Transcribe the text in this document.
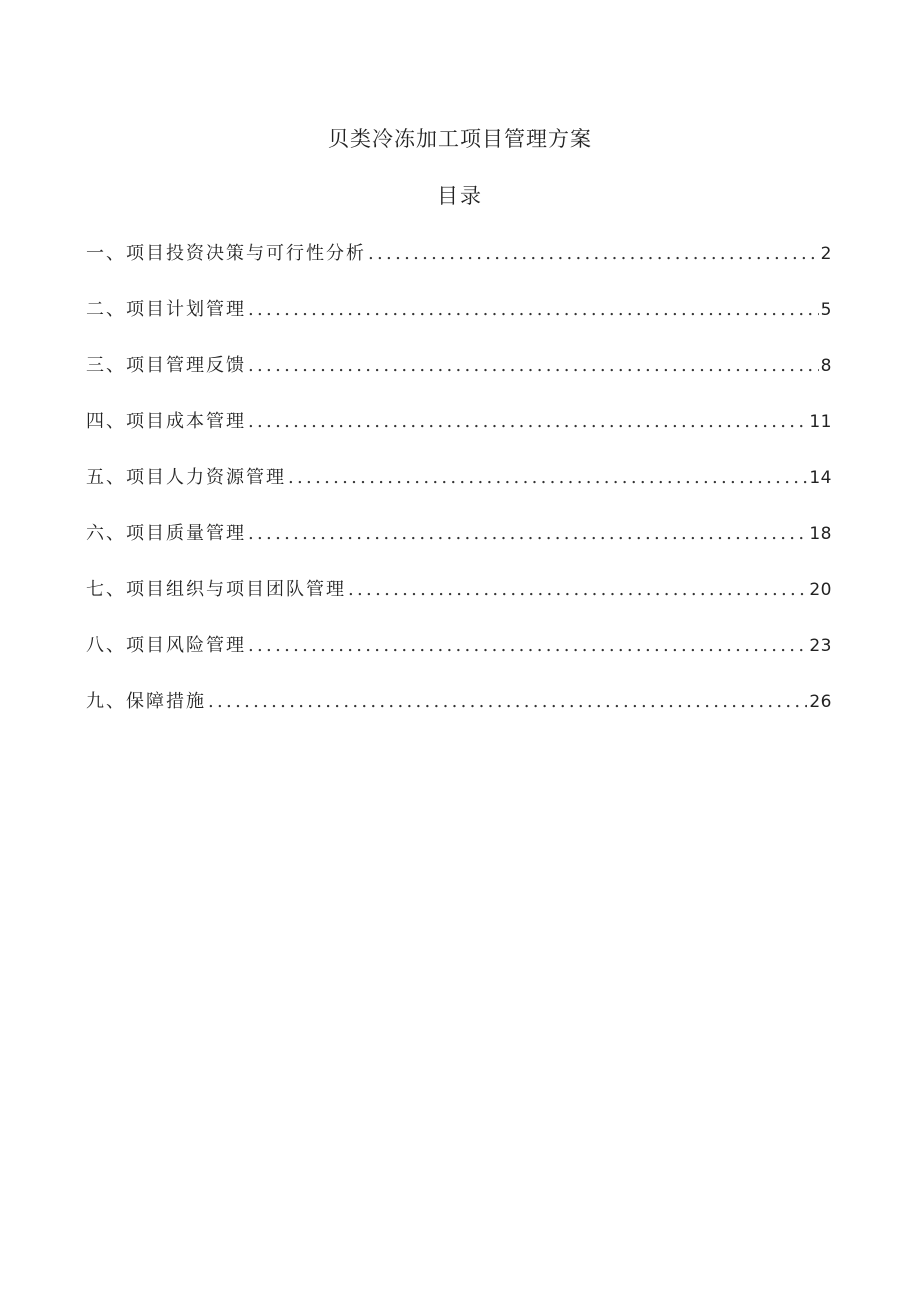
贝类冷冻加工项目管理方案
目录
一、项目投资决策与可行性分析 .....	2
二、项目计划管理 .....	5
三、项目管理反馈 .....	8
四、项目成本管理 .....	11
五、项目人力资源管理 .....	14
六、项目质量管理 .....	18
七、项目组织与项目团队管理 .....	20
八、项目风险管理 .....	23
九、保障措施 .....	26
